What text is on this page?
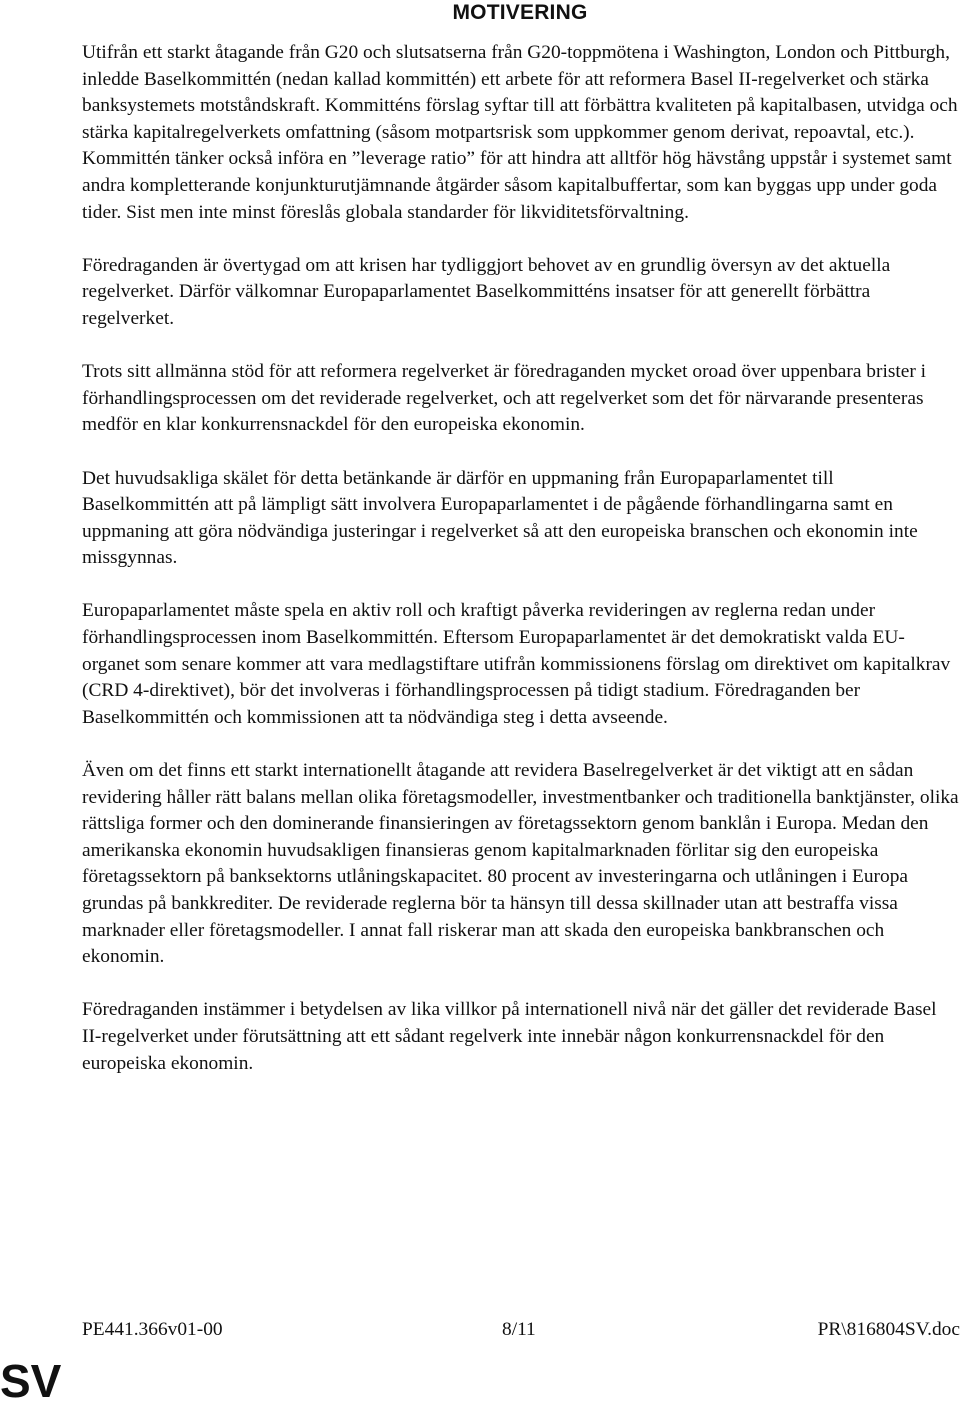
MOTIVERING

Utifrån ett starkt åtagande från G20 och slutsatserna från G20-toppmötena i Washington, London och Pittburgh, inledde Baselkommittén (nedan kallad kommittén) ett arbete för att reformera Basel II-regelverket och stärka banksystemets motståndskraft. Kommitténs förslag syftar till att förbättra kvaliteten på kapitalbasen, utvidga och stärka kapitalregelverkets omfattning (såsom motpartsrisk som uppkommer genom derivat, repoavtal, etc.). Kommittén tänker också införa en ”leverage ratio” för att hindra att alltför hög hävstång uppstår i systemet samt andra kompletterande konjunkturutjämnande åtgärder såsom kapitalbuffertar, som kan byggas upp under goda tider. Sist men inte minst föreslås globala standarder för likviditetsförvaltning.

Föredraganden är övertygad om att krisen har tydliggjort behovet av en grundlig översyn av det aktuella regelverket. Därför välkomnar Europaparlamentet Baselkommitténs insatser för att generellt förbättra regelverket.

Trots sitt allmänna stöd för att reformera regelverket är föredraganden mycket oroad över uppenbara brister i förhandlingsprocessen om det reviderade regelverket, och att regelverket som det för närvarande presenteras medför en klar konkurrensnackdel för den europeiska ekonomin.

Det huvudsakliga skälet för detta betänkande är därför en uppmaning från Europaparlamentet till Baselkommittén att på lämpligt sätt involvera Europaparlamentet i de pågående förhandlingarna samt en uppmaning att göra nödvändiga justeringar i regelverket så att den europeiska branschen och ekonomin inte missgynnas.

Europaparlamentet måste spela en aktiv roll och kraftigt påverka revideringen av reglerna redan under förhandlingsprocessen inom Baselkommittén. Eftersom Europaparlamentet är det demokratiskt valda EU-organet som senare kommer att vara medlagstiftare utifrån kommissionens förslag om direktivet om kapitalkrav (CRD 4-direktivet), bör det involveras i förhandlingsprocessen på tidigt stadium. Föredraganden ber Baselkommittén och kommissionen att ta nödvändiga steg i detta avseende.

Även om det finns ett starkt internationellt åtagande att revidera Baselregelverket är det viktigt att en sådan revidering håller rätt balans mellan olika företagsmodeller, investmentbanker och traditionella banktjänster, olika rättsliga former och den dominerande finansieringen av företagssektorn genom banklån i Europa. Medan den amerikanska ekonomin huvudsakligen finansieras genom kapitalmarknaden förlitar sig den europeiska företagssektorn på banksektorns utlåningskapacitet. 80 procent av investeringarna och utlåningen i Europa grundas på bankkrediter. De reviderade reglerna bör ta hänsyn till dessa skillnader utan att bestraffa vissa marknader eller företagsmodeller. I annat fall riskerar man att skada den europeiska bankbranschen och ekonomin.

Föredraganden instämmer i betydelsen av lika villkor på internationell nivå när det gäller det reviderade Basel II-regelverket under förutsättning att ett sådant regelverk inte innebär någon konkurrensnackdel för den europeiska ekonomin.

PE441.366v01-00	8/11	PR\816804SV.doc
SV
